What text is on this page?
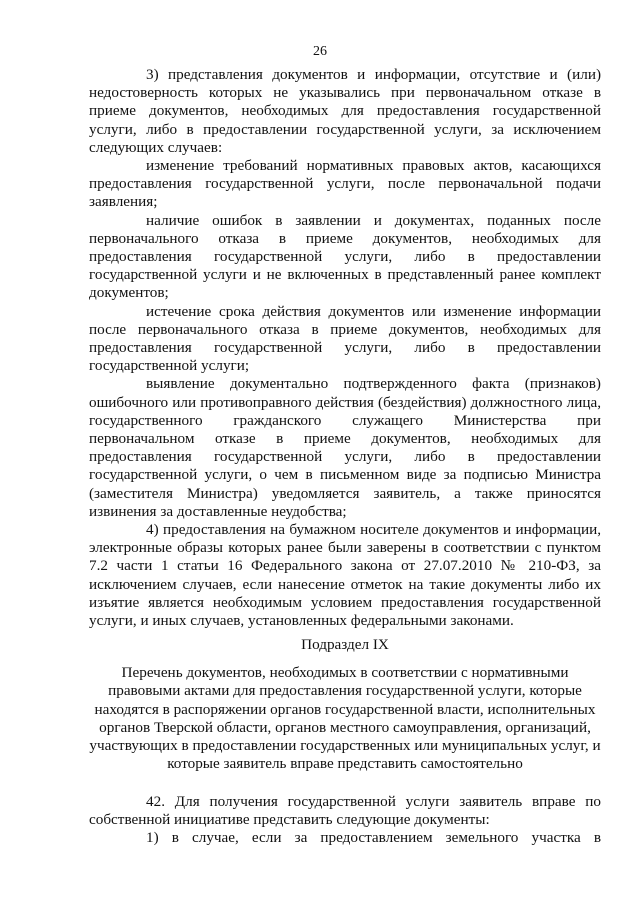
26

3) представления документов и информации, отсутствие и (или) недостоверность которых не указывались при первоначальном отказе в приеме документов, необходимых для предоставления государственной услуги, либо в предоставлении государственной услуги, за исключением следующих случаев:

изменение требований нормативных правовых актов, касающихся предоставления государственной услуги, после первоначальной подачи заявления;

наличие ошибок в заявлении и документах, поданных после первоначального отказа в приеме документов, необходимых для предоставления государственной услуги, либо в предоставлении государственной услуги и не включенных в представленный ранее комплект документов;

истечение срока действия документов или изменение информации после первоначального отказа в приеме документов, необходимых для предоставления государственной услуги, либо в предоставлении государственной услуги;

выявление документально подтвержденного факта (признаков) ошибочного или противоправного действия (бездействия) должностного лица, государственного гражданского служащего Министерства при первоначальном отказе в приеме документов, необходимых для предоставления государственной услуги, либо в предоставлении государственной услуги, о чем в письменном виде за подписью Министра (заместителя Министра) уведомляется заявитель, а также приносятся извинения за доставленные неудобства;

4) предоставления на бумажном носителе документов и информации, электронные образы которых ранее были заверены в соответствии с пунктом 7.2 части 1 статьи 16 Федерального закона от 27.07.2010 № 210-ФЗ, за исключением случаев, если нанесение отметок на такие документы либо их изъятие является необходимым условием предоставления государственной услуги, и иных случаев, установленных федеральными законами.

Подраздел IX

Перечень документов, необходимых в соответствии с нормативными правовыми актами для предоставления государственной услуги, которые находятся в распоряжении органов государственной власти, исполнительных органов Тверской области, органов местного самоуправления, организаций, участвующих в предоставлении государственных или муниципальных услуг, и которые заявитель вправе представить самостоятельно

42. Для получения государственной услуги заявитель вправе по собственной инициативе представить следующие документы:

1) в случае, если за предоставлением земельного участка в
